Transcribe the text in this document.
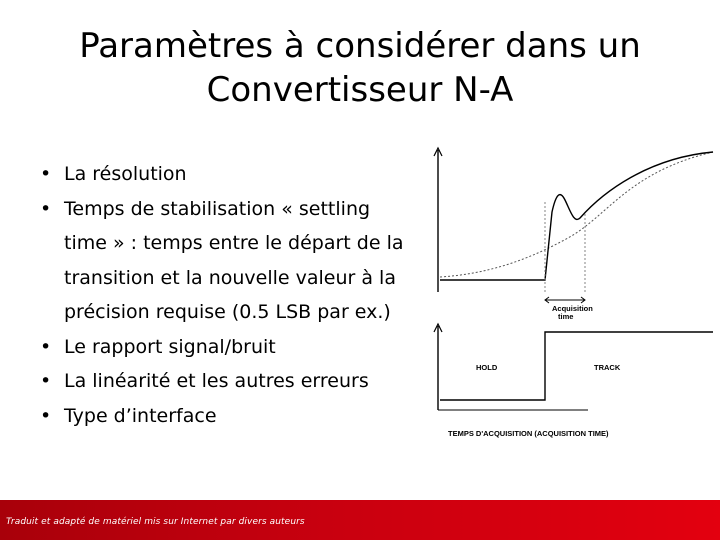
Paramètres à considérer dans un
Convertisseur N-A
• La résolution
• Temps de stabilisation « settling
time » : temps entre le départ de la
transition et la nouvelle valeur à la
précision requise (0.5 LSB par ex.)
• Le rapport signal/bruit
• La linéarité et les autres erreurs
• Type d’interface
Acquisition
time
HOLD	TRACK
TEMPS D'ACQUISITION (ACQUISITION TIME)
Traduit et adapté de matériel mis sur Internet par divers auteurs
